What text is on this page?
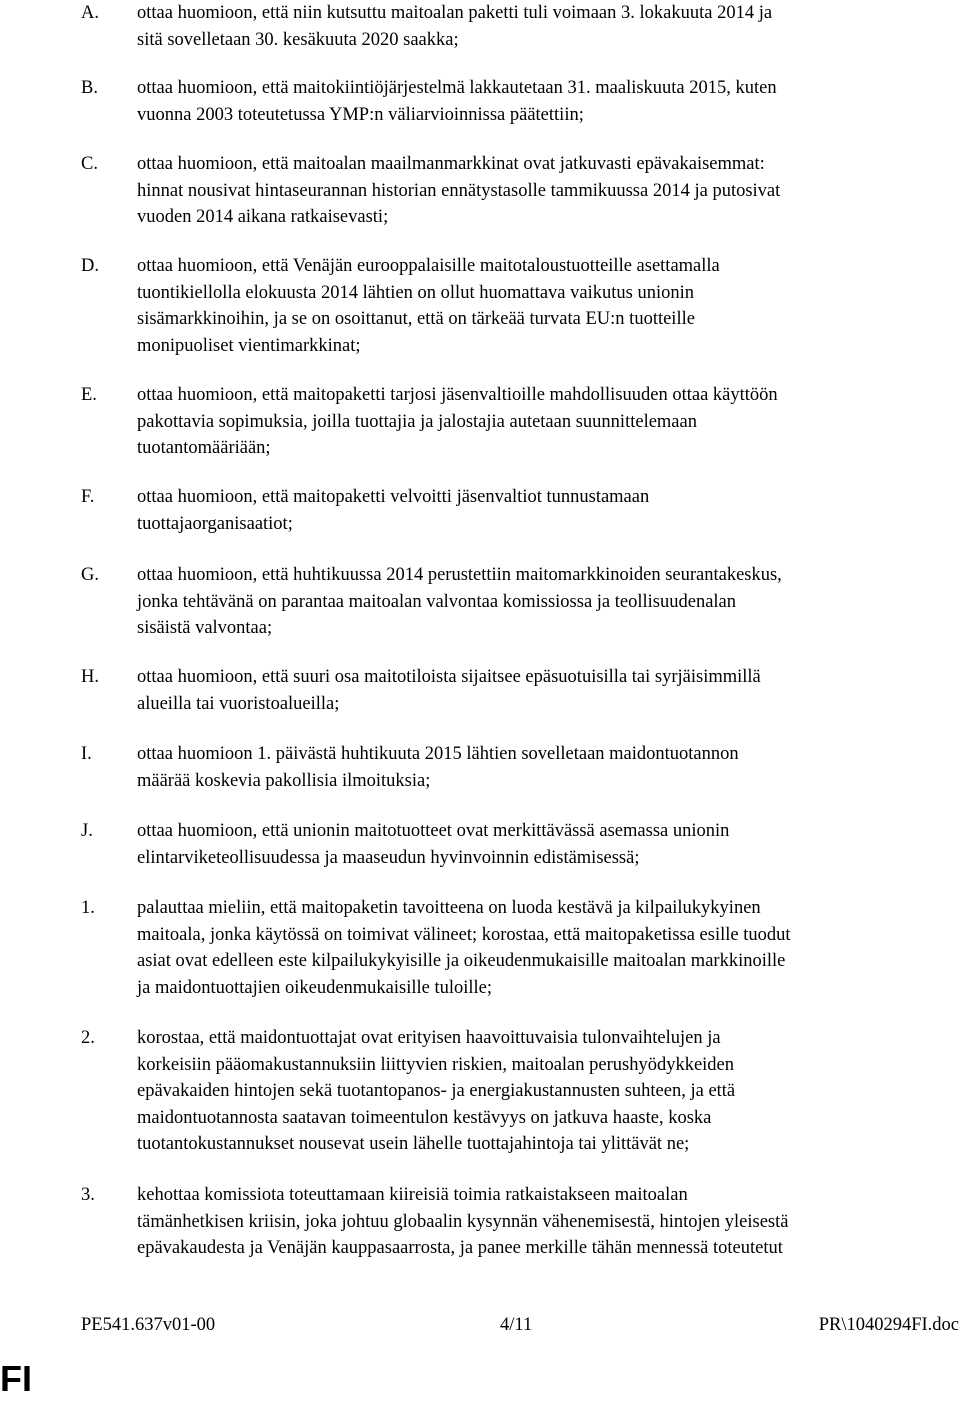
A. ottaa huomioon, että niin kutsuttu maitoalan paketti tuli voimaan 3. lokakuuta 2014 ja
sitä sovelletaan 30. kesäkuuta 2020 saakka;
B. ottaa huomioon, että maitokiintiöjärjestelmä lakkautetaan 31. maaliskuuta 2015, kuten
vuonna 2003 toteutetussa YMP:n väliarvioinnissa päätettiin;
C. ottaa huomioon, että maitoalan maailmanmarkkinat ovat jatkuvasti epävakaisemmat:
hinnat nousivat hintaseurannan historian ennätystasolle tammikuussa 2014 ja putosivat
vuoden 2014 aikana ratkaisevasti;
D. ottaa huomioon, että Venäjän eurooppalaisille maitotaloustuotteille asettamalla
tuontikiellolla elokuusta 2014 lähtien on ollut huomattava vaikutus unionin
sisämarkkinoihin, ja se on osoittanut, että on tärkeää turvata EU:n tuotteille
monipuoliset vientimarkkinat;
E. ottaa huomioon, että maitopaketti tarjosi jäsenvaltioille mahdollisuuden ottaa käyttöön
pakottavia sopimuksia, joilla tuottajia ja jalostajia autetaan suunnittelemaan
tuotantomääriään;
F. ottaa huomioon, että maitopaketti velvoitti jäsenvaltiot tunnustamaan
tuottajaorganisaatiot;
G. ottaa huomioon, että huhtikuussa 2014 perustettiin maitomarkkinoiden seurantakeskus,
jonka tehtävänä on parantaa maitoalan valvontaa komissiossa ja teollisuudenalan
sisäistä valvontaa;
H. ottaa huomioon, että suuri osa maitotiloista sijaitsee epäsuotuisilla tai syrjäisimmillä
alueilla tai vuoristoalueilla;
I. ottaa huomioon 1. päivästä huhtikuuta 2015 lähtien sovelletaan maidontuotannon
määrää koskevia pakollisia ilmoituksia;
J. ottaa huomioon, että unionin maitotuotteet ovat merkittävässä asemassa unionin
elintarviketeollisuudessa ja maaseudun hyvinvoinnin edistämisessä;
1. palauttaa mieliin, että maitopaketin tavoitteena on luoda kestävä ja kilpailukykyinen
maitoala, jonka käytössä on toimivat välineet; korostaa, että maitopaketissa esille tuodut
asiat ovat edelleen este kilpailukykyisille ja oikeudenmukaisille maitoalan markkinoille
ja maidontuottajien oikeudenmukaisille tuloille;
2. korostaa, että maidontuottajat ovat erityisen haavoittuvaisia tulonvaihtelujen ja
korkeisiin pääomakustannuksiin liittyvien riskien, maitoalan perushyödykkeiden
epävakaiden hintojen sekä tuotantopanos- ja energiakustannusten suhteen, ja että
maidontuotannosta saatavan toimeentulon kestävyys on jatkuva haaste, koska
tuotantokustannukset nousevat usein lähelle tuottajahintoja tai ylittävät ne;
3. kehottaa komissiota toteuttamaan kiireisiä toimia ratkaistakseen maitoalan
tämänhetkisen kriisin, joka johtuu globaalin kysynnän vähenemisestä, hintojen yleisestä
epävakaudesta ja Venäjän kauppasaarrosta, ja panee merkille tähän mennessä toteutetut
PE541.637v01-00	4/11	PR\1040294FI.doc
FI
